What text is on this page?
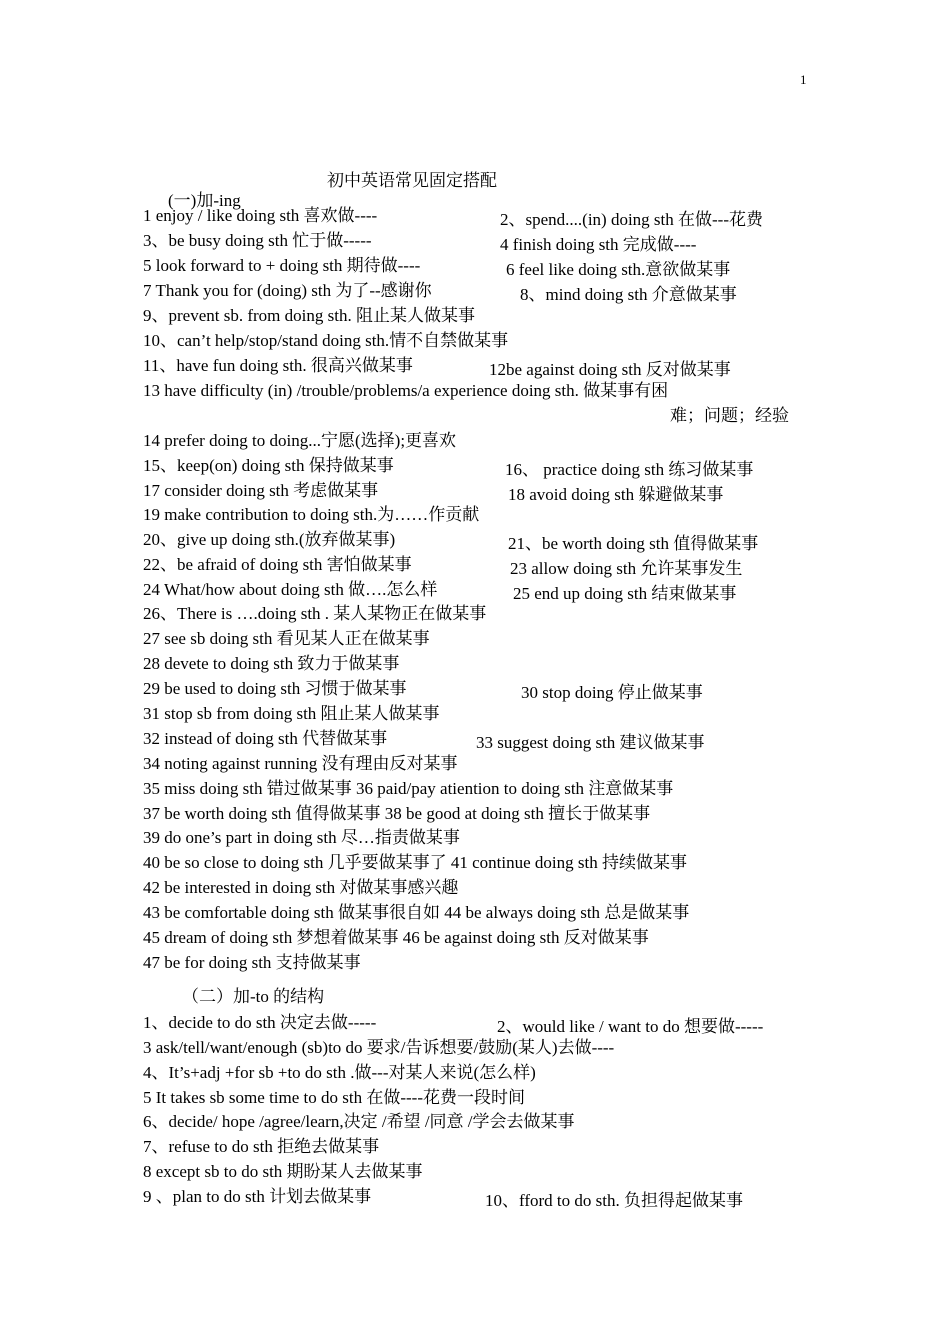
1
初中英语常见固定搭配
(一)加-ing
1 enjoy / like doing sth 喜欢做----	2、spend....(in) doing sth 在做---花费
3、be busy doing sth 忙于做-----	4 finish doing sth 完成做----
5 look forward to + doing sth 期待做----	6 feel like doing sth.意欲做某事
7 Thank you for (doing) sth 为了--感谢你	8、mind doing sth 介意做某事
9、prevent sb. from doing sth. 阻止某人做某事
10、can’t help/stop/stand doing sth.情不自禁做某事
11、have fun doing sth. 很高兴做某事	12be against doing sth 反对做某事
13 have difficulty (in) /trouble/problems/a experience doing sth. 做某事有困
难；问题；经验
14 prefer doing to doing...宁愿(选择);更喜欢
15、keep(on) doing sth 保持做某事	16、 practice doing sth 练习做某事
17 consider doing sth 考虑做某事	18 avoid doing sth 躲避做某事
19 make contribution to doing sth.为……作贡献
20、give up doing sth.(放弃做某事)	21、be worth doing sth 值得做某事
22、be afraid of doing sth 害怕做某事	23 allow doing sth 允许某事发生
24 What/how about doing sth 做….怎么样	25 end up doing sth 结束做某事
26、There is ….doing sth . 某人某物正在做某事
27 see sb doing sth 看见某人正在做某事
28 devete to doing sth 致力于做某事
29 be used to doing sth 习惯于做某事	30 stop doing 停止做某事
31 stop sb from doing sth 阻止某人做某事
32 instead of doing sth 代替做某事	33 suggest doing sth 建议做某事
34 noting against running 没有理由反对某事
35 miss doing sth 错过做某事 36 paid/pay atiention to doing sth 注意做某事
37 be worth doing sth 值得做某事 38 be good at doing sth 擅长于做某事
39 do one’s part in doing sth 尽…指责做某事
40 be so close to doing sth 几乎要做某事了 41 continue doing sth 持续做某事
42 be interested in doing sth 对做某事感兴趣
43 be comfortable doing sth 做某事很自如 44 be always doing sth 总是做某事
45 dream of doing sth 梦想着做某事 46 be against doing sth 反对做某事
47 be for doing sth 支持做某事
（二）加-to 的结构
1、decide to do sth 决定去做-----	2、would like / want to do 想要做-----
3 ask/tell/want/enough (sb)to do 要求/告诉想要/鼓励(某人)去做----
4、It’s+adj +for sb +to do sth .做---对某人来说(怎么样)
5 It takes sb some time to do sth 在做----花费一段时间
6、decide/ hope /agree/learn,决定 /希望 /同意 /学会去做某事
7、refuse to do sth 拒绝去做某事
8 except sb to do sth 期盼某人去做某事
9 、plan to do sth 计划去做某事	10、fford to do sth. 负担得起做某事
